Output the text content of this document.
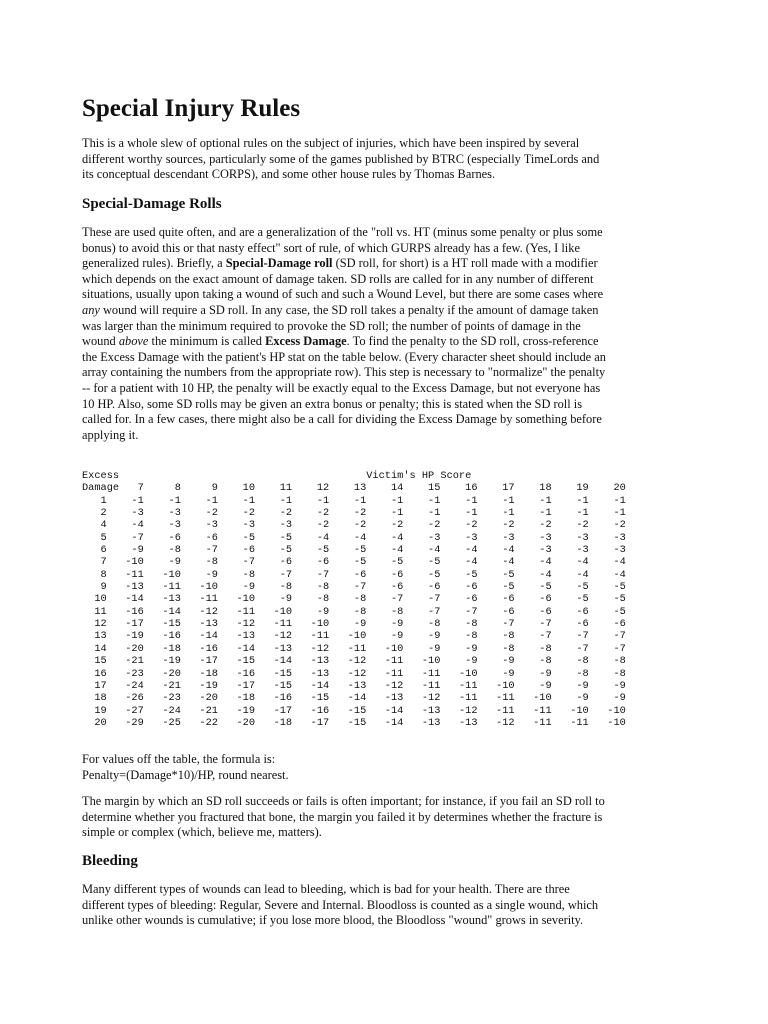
Special Injury Rules

This is a whole slew of optional rules on the subject of injuries, which have been inspired by several
different worthy sources, particularly some of the games published by BTRC (especially TimeLords and
its conceptual descendant CORPS), and some other house rules by Thomas Barnes.

Special-Damage Rolls

These are used quite often, and are a generalization of the "roll vs. HT (minus some penalty or plus some
bonus) to avoid this or that nasty effect" sort of rule, of which GURPS already has a few. (Yes, I like
generalized rules). Briefly, a Special-Damage roll (SD roll, for short) is a HT roll made with a modifier
which depends on the exact amount of damage taken. SD rolls are called for in any number of different
situations, usually upon taking a wound of such and such a Wound Level, but there are some cases where
any wound will require a SD roll. In any case, the SD roll takes a penalty if the amount of damage taken
was larger than the minimum required to provoke the SD roll; the number of points of damage in the
wound above the minimum is called Excess Damage. To find the penalty to the SD roll, cross-reference
the Excess Damage with the patient's HP stat on the table below. (Every character sheet should include an
array containing the numbers from the appropriate row). This step is necessary to "normalize" the penalty
-- for a patient with 10 HP, the penalty will be exactly equal to the Excess Damage, but not everyone has
10 HP. Also, some SD rolls may be given an extra bonus or penalty; this is stated when the SD roll is
called for. In a few cases, there might also be a call for dividing the Excess Damage by something before
applying it.

Excess	Victim's HP Score
Damage   7     8     9    10    11    12    13    14    15    16    17    18    19    20
1    -1    -1    -1    -1    -1    -1    -1    -1    -1    -1    -1    -1    -1    -1
2    -3    -3    -2    -2    -2    -2    -2    -1    -1    -1    -1    -1    -1    -1
4    -4    -3    -3    -3    -3    -2    -2    -2    -2    -2    -2    -2    -2    -2
5    -7    -6    -6    -5    -5    -4    -4    -4    -3    -3    -3    -3    -3    -3
6    -9    -8    -7    -6    -5    -5    -5    -4    -4    -4    -4    -3    -3    -3
7   -10    -9    -8    -7    -6    -6    -5    -5    -5    -4    -4    -4    -4    -4
8   -11   -10    -9    -8    -7    -7    -6    -6    -5    -5    -5    -4    -4    -4
9   -13   -11   -10    -9    -8    -8    -7    -6    -6    -6    -5    -5    -5    -5
10   -14   -13   -11   -10    -9    -8    -8    -7    -7    -6    -6    -6    -5    -5
11   -16   -14   -12   -11   -10    -9    -8    -8    -7    -7    -6    -6    -6    -5
12   -17   -15   -13   -12   -11   -10    -9    -9    -8    -8    -7    -7    -6    -6
13   -19   -16   -14   -13   -12   -11   -10    -9    -9    -8    -8    -7    -7    -7
14   -20   -18   -16   -14   -13   -12   -11   -10    -9    -9    -8    -8    -7    -7
15   -21   -19   -17   -15   -14   -13   -12   -11   -10    -9    -9    -8    -8    -8
16   -23   -20   -18   -16   -15   -13   -12   -11   -11   -10    -9    -9    -8    -8
17   -24   -21   -19   -17   -15   -14   -13   -12   -11   -11   -10    -9    -9    -9
18   -26   -23   -20   -18   -16   -15   -14   -13   -12   -11   -11   -10    -9    -9
19   -27   -24   -21   -19   -17   -16   -15   -14   -13   -12   -11   -11   -10   -10
20   -29   -25   -22   -20   -18   -17   -15   -14   -13   -13   -12   -11   -11   -10

For values off the table, the formula is:
Penalty=(Damage*10)/HP, round nearest.

The margin by which an SD roll succeeds or fails is often important; for instance, if you fail an SD roll to
determine whether you fractured that bone, the margin you failed it by determines whether the fracture is
simple or complex (which, believe me, matters).

Bleeding

Many different types of wounds can lead to bleeding, which is bad for your health. There are three
different types of bleeding: Regular, Severe and Internal. Bloodloss is counted as a single wound, which
unlike other wounds is cumulative; if you lose more blood, the Bloodloss "wound" grows in severity.
